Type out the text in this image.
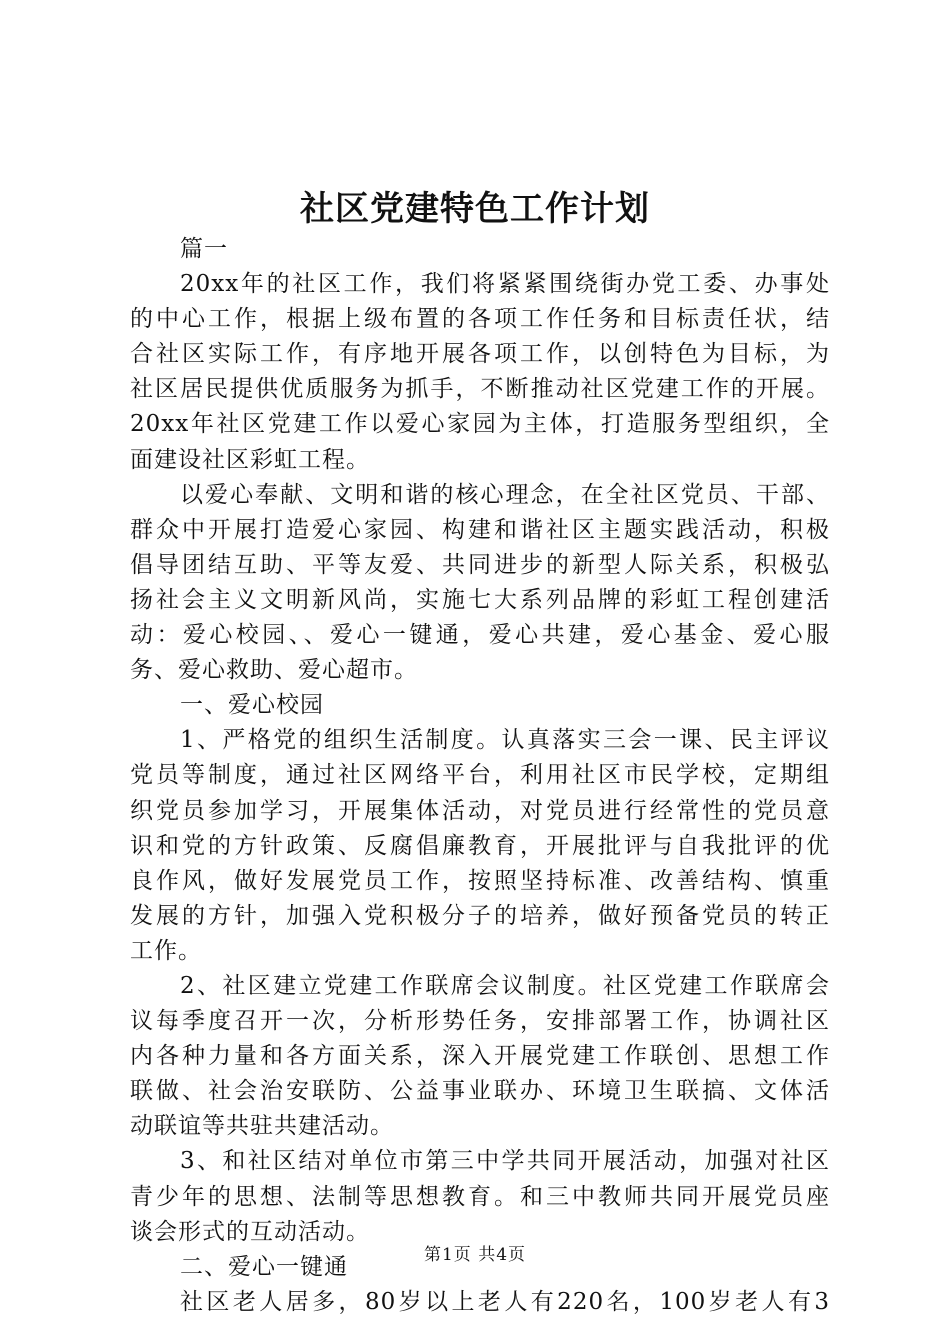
社区党建特色工作计划
篇一
20xx年的社区工作，我们将紧紧围绕街办党工委、办事处
的中心工作，根据上级布置的各项工作任务和目标责任状，结
合社区实际工作，有序地开展各项工作，以创特色为目标，为
社区居民提供优质服务为抓手，不断推动社区党建工作的开展。
20xx年社区党建工作以爱心家园为主体，打造服务型组织，全
面建设社区彩虹工程。
以爱心奉献、文明和谐的核心理念，在全社区党员、干部、
群众中开展打造爱心家园、构建和谐社区主题实践活动，积极
倡导团结互助、平等友爱、共同进步的新型人际关系，积极弘
扬社会主义文明新风尚，实施七大系列品牌的彩虹工程创建活
动：爱心校园、、爱心一键通，爱心共建，爱心基金、爱心服
务、爱心救助、爱心超市。
一、爱心校园
1、严格党的组织生活制度。认真落实三会一课、民主评议
党员等制度，通过社区网络平台，利用社区市民学校，定期组
织党员参加学习，开展集体活动，对党员进行经常性的党员意
识和党的方针政策、反腐倡廉教育，开展批评与自我批评的优
良作风，做好发展党员工作，按照坚持标准、改善结构、慎重
发展的方针，加强入党积极分子的培养，做好预备党员的转正
工作。
2、社区建立党建工作联席会议制度。社区党建工作联席会
议每季度召开一次，分析形势任务，安排部署工作，协调社区
内各种力量和各方面关系，深入开展党建工作联创、思想工作
联做、社会治安联防、公益事业联办、环境卫生联搞、文体活
动联谊等共驻共建活动。
3、和社区结对单位市第三中学共同开展活动，加强对社区
青少年的思想、法制等思想教育。和三中教师共同开展党员座
谈会形式的互动活动。
二、爱心一键通
社区老人居多，80岁以上老人有220名，100岁老人有3
第1页 共4页
